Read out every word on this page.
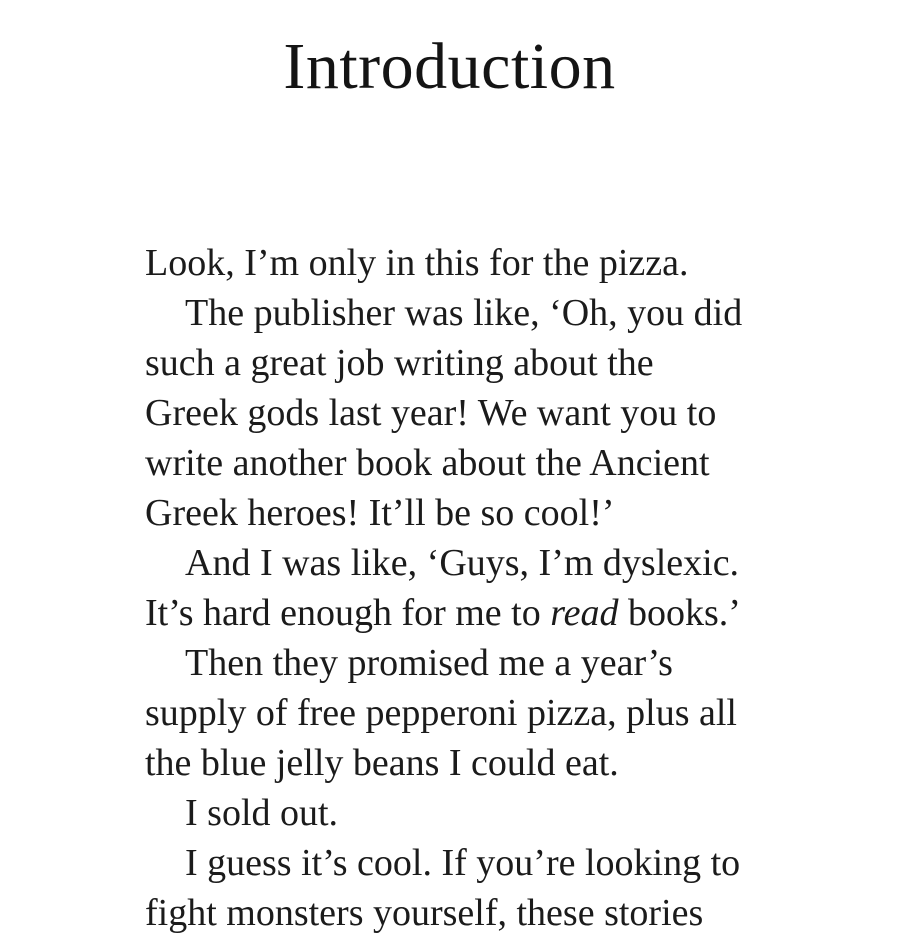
Introduction
Look, I’m only in this for the pizza.
The publisher was like, ‘Oh, you did
such a great job writing about the
Greek gods last year! We want you to
write another book about the Ancient
Greek heroes! It’ll be so cool!’
And I was like, ‘Guys, I’m dyslexic.
It’s hard enough for me to read books.’
Then they promised me a year’s
supply of free pepperoni pizza, plus all
the blue jelly beans I could eat.
I sold out.
I guess it’s cool. If you’re looking to
fight monsters yourself, these stories
